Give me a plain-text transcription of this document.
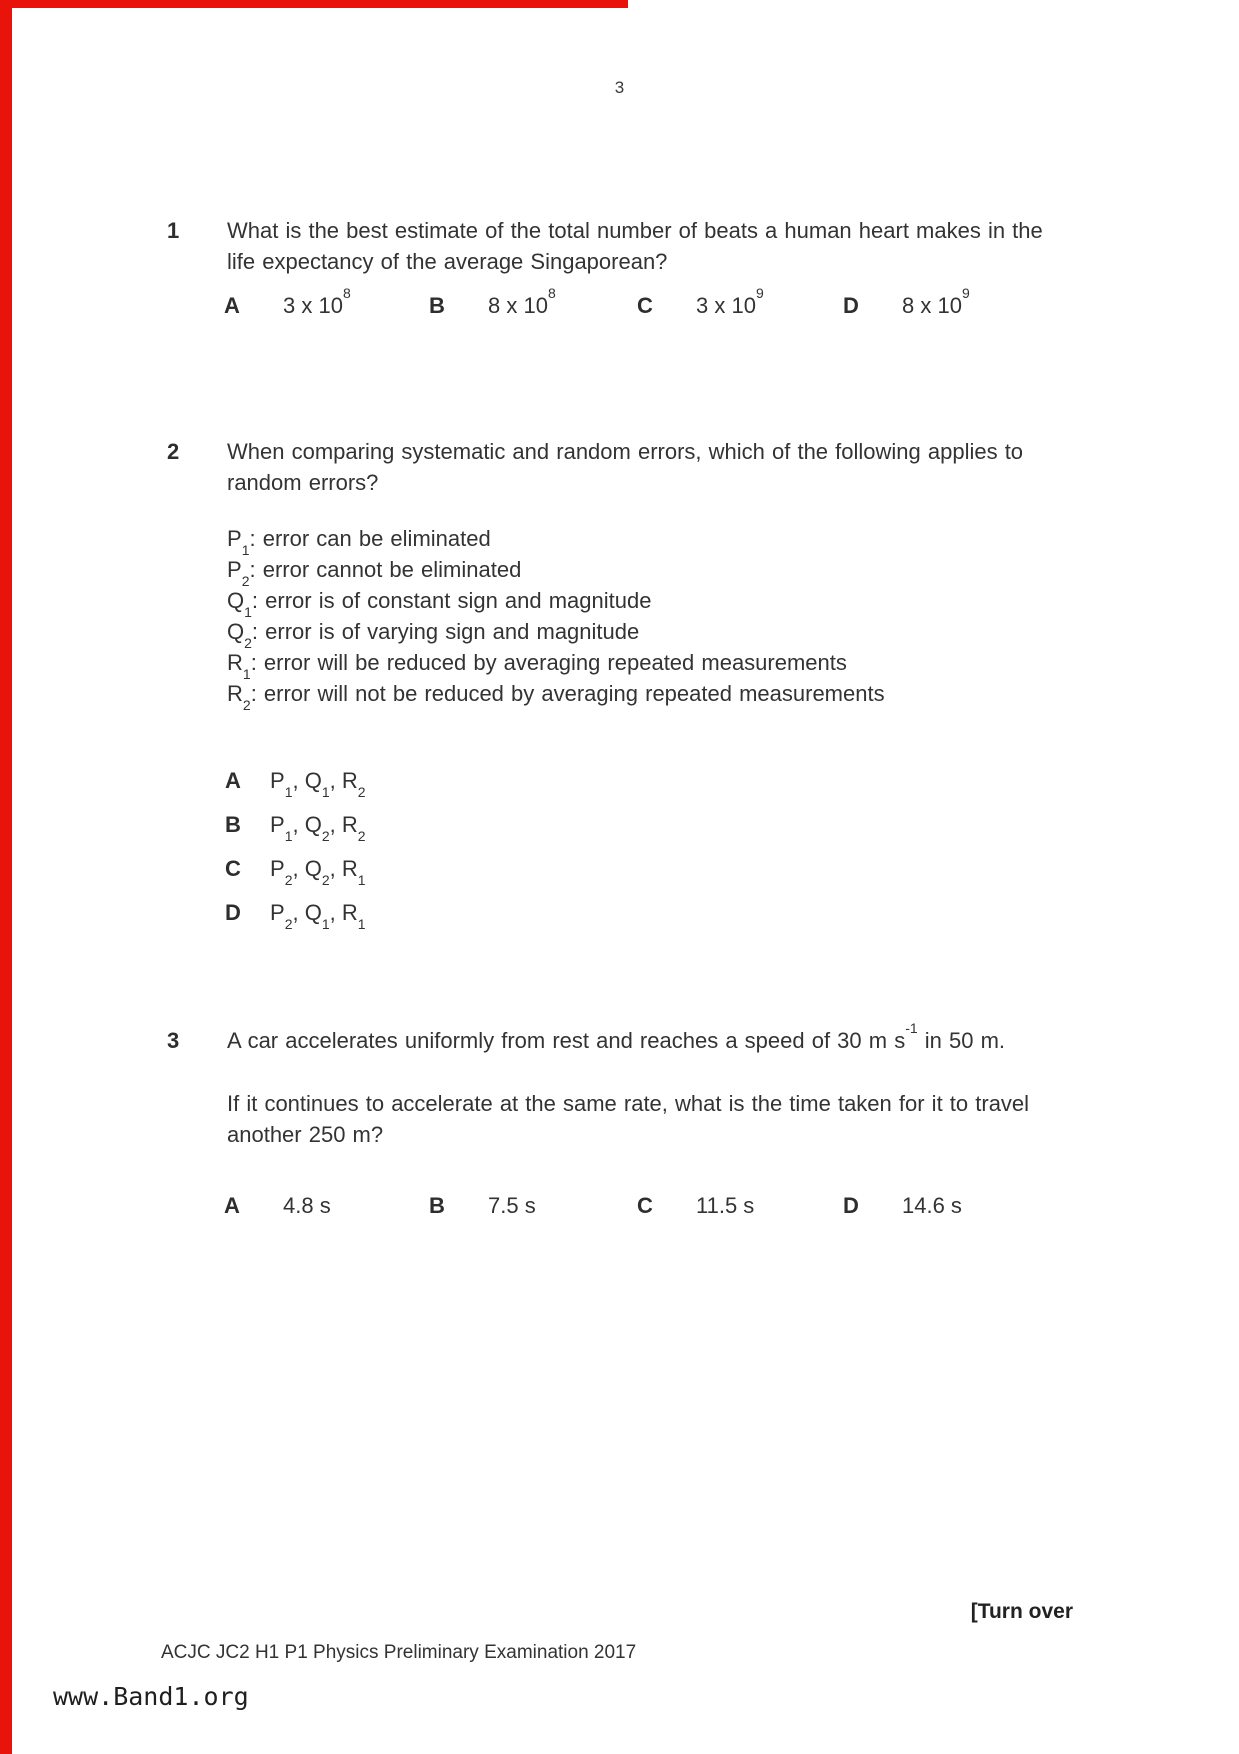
3
1	What is the best estimate of the total number of beats a human heart makes in the
life expectancy of the average Singaporean?
A 3 x $10^8$
B 8 x $10^8$
C 3 x $10^9$
D 8 x $10^9$
2	When comparing systematic and random errors, which of the following applies to
random errors?
$P_1$: error can be eliminated
$P_2$: error cannot be eliminated
$Q_1$: error is of constant sign and magnitude
$Q_2$: error is of varying sign and magnitude
$R_1$: error will be reduced by averaging repeated measurements
$R_2$: error will not be reduced by averaging repeated measurements
A $P_1$, $Q_1$, $R_2$
B $P_1$, $Q_2$, $R_2$
C $P_2$, $Q_2$, $R_1$
D $P_2$, $Q_1$, $R_1$
3	A car accelerates uniformly from rest and reaches a speed of 30 m $s^{-1}$ in 50 m.
If it continues to accelerate at the same rate, what is the time taken for it to travel
another 250 m?
A 4.8 s	B 7.5 s	C 11.5 s	D 14.6 s
[Turn over
ACJC JC2 H1 P1 Physics Preliminary Examination 2017
www.Band1.org
